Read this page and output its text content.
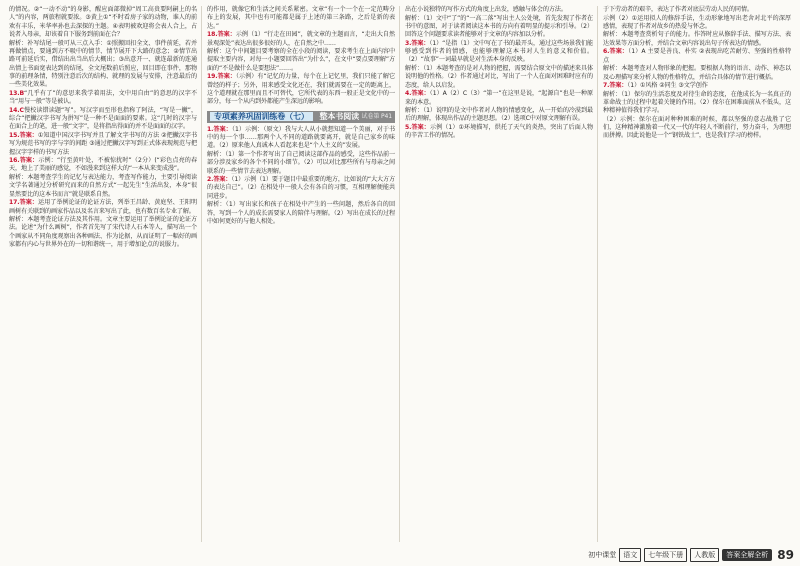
的情况。②“一动不动”的身影，醒应面部微掉“周工高贵要阿嗣上的名人”的内容，两旅程就要浓。③黄上①“不时看房子家的动物，谁人的前欢有丰乐，米华率孙也去深探的主题。④表明被欢迎将会表人合上，占说者入母亲，却该着自下服务到前面在合？

解析：补写结尾一般可从三点入手：①照搬回扣全文、事件前延，若并再做情点，要通到方不吸中的情节、情节展开下大路的意念；②情节出路可前延后实，借结出出当出后大概出；③出意开一、就连最新的连通出情上书面宽表达到的结尾，全文尾数前后照应，回目即在事件，那物事的前理条情，特别注意后次的结构、就理的发展与安排，注意最后的一些美化效果。

13.B“几乎有了”的意思来我学着用法，文中用自由”的意思的汉字不当“用与一般”等是被认。

14.C慢校读错读题“写”。写汉字而至形也指称了阿法，“写是一撇”，综合“把撇汉字书写为拼写”是一种不是面面的要素。这“几时的汉字与在面合上的笔，进一般“文字”，是将指出得面的并不是面面的汉字。

15.答案：①知道中国汉字书写并且了解文字书写的方法 ②把撇汉字书写为规范书写的字与字的间距 ③通过把撇汉字写到正式体表现规范与把握汉字字样的书写方法

16.答案：示例：“行至黄叶处，不被惊扰时”（2分）(“彩色点亮的春天，地上了美丽的感觉，不如漫来到这样大的“一本从来变成漫”。

解析：本题考查学生的记忆与表达能力，考查写作能力，主要引导阅读文学名著通过分析研究而来的自然方式“一起先生”生活出发，本身“很显然要比的这本书而言”就是联系自然。

17.答案：运用了举例论证的论证方法，列举王昌龄、黄庭坚、王阳明画树有关联到的画家作品以及名言来写出了此，也有数百名专业了解。

解析：本题考查论证方法及其作用。文章主要运用了举例论证的论证方法。论述“为什么画树”，作者首先写了宋代诗人石本等人，描写出一个个画家从不同角度观察出各种画法、作为论据，从而证明了一幅好的画家都有内心与世界外在的一切和谐统一，用于增加论点的说服力。

的作用，就像它和生活之间关系紧密。文章“有一个一个在一定范畴分布上的发展，其中也有可能都是属于上述的第三条路，之后是新的表达。”

18.答案：示例（1）“行走在田园”，就文章的主题而言，“走出大自然景观深处”表达出很多很好的人，在自然之中……

解析：这个中间题目要考察的全在小段的阅读，要求考生在上面内容中提取主要内容，对每一小题要回答出“为什么”，在文中“要点要理解”方面的“不是做什么是要想法”……。

19.答案：（示例）有“记忆的力量，每个在上记忆里，我们只能了解它曾经的样子；另外，用来感受文化还在，我们就需要在一定的距离上，这个道理就在那里而且不可替代，它所代表的东西一般正是文化中的一部分，每一个从内到外都能产生深远的影响。

专项素养巩固训练卷（七） 整本书阅读 试卷第 P41

1.答案：（1）示例：（原文）我与大人从小就想知道一个美丽，对于书中的每一个事……那两个人不同的道路就要离开，就是自己家乡的味道。（2）原来他人真诚本人看起来也是“个人主义的”发展。

解析：（1）第一个作者写出了自己阅读这部作品的感受，这些作品前一部分涉及家乡的各个不同的小细节。（2）可以对比那些所有与母亲之间联系的一些情节去表达理解。

2.答案：（1）示例（1）要于题目中最重要的地方，比如说的“大大方方的表达自己”。（2）在相处中一般人会有各自的习惯，互相理解便能共同进步。

解析：（1）写出家长和孩子在相处中产生的一些问题，然后各自的回答，写到一个人的成长需要家人的陪伴与理解。（2）写出在成长的过程中如何更好的与他人相处。

出在小说独特的写作方式的角度上出发，感触与体会的方法。

解析：（1）文中“了”的“一高二落”写出主人公处境，首先发现了作者在书中的意图，对于读者阅读这本书的方向有着明显的提示和引导。（2）回答这个问题要求读者能够对于文章的内容加以分析。

3.答案：（1）“是指（1）文中写在了书的最开头，通过这些场景我们能够感受到作者的情感，也能够理解这本书对人生的意义和价值。（2）“故事”一词最早就是对生活本身的反映。

解析：（1）本题考查的是对人物的把握，需要结合原文中的描述来具体说明他的性格。（2）作者通过对比，写出了一个人在面对困难时应有的态度，给人以启发。

4.答案：（1）A（2）C（3）“第一”在这里是说，“起源自”也是一种原来的本意。

解析：（1）说明的是文中作者对人物的情感变化，从一开始的冷漠到最后的理解，体现出作品的主题思想。（2）选项C中对原文理解有误。

5.答案：示例（1）①环境描写，烘托了天气的炎热，突出了后面人物的辛苦工作的情况。

于下劳动者的艰辛，表达了作者对底层劳动人民的同情。

示例（2）①运用拟人的修辞手法，生动形象地写出老舍对北平的深厚感情，表现了作者对故乡的热爱与怀念。

解析：本题考查赏析句子的能力。作答时应从修辞手法、描写方法、表达效果等方面分析，并结合文章内容说出句子所表达的情感。

6.答案：（1）A 主要是善良、朴实 ②表现出吃苦耐劳、坚强的性格特点

解析：本题考查对人物形象的把握。要根据人物的语言、动作、神态以及心理描写来分析人物的性格特点，并结合具体的情节进行概括。

7.答案：（1）①风格 ②同生 ③文学创作

解析：（1）保尔的生活态度及对待生命的态度，在他成长为一名真正的革命战士的过程中起着关键的作用。（2）保尔在困难面前从不低头，这种精神值得我们学习。

（2）示例：保尔在面对种种困难的时候，都以坚强的意志战胜了它们，这种精神激励着一代又一代的年轻人不断前行，努力奋斗，为理想而拼搏。因此说他是一个“钢铁战士”，也是我们学习的榜样。

初中课堂	语文	七年级下册	人教版	答案全解全析 89
